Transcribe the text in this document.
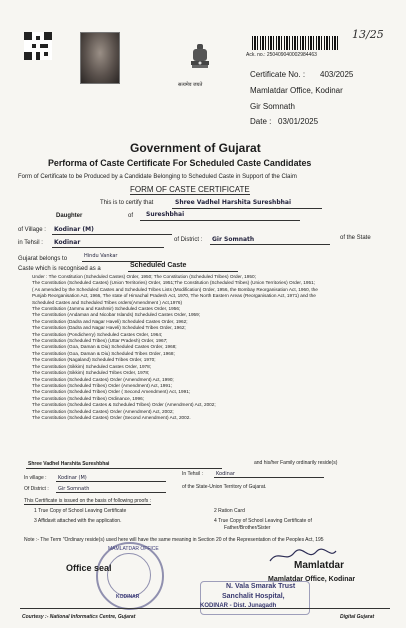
सत्यमेव जयते
Ack. no.: 250409040002984463
13/25
Certificate No. : 403/2025
Mamlatdar Office, Kodinar
Gir Somnath
Date : 03/01/2025
Government of Gujarat
Performa of Caste Certificate For Scheduled Caste Candidates
Form of Certificate to be Produced by a Candidate Belonging to Scheduled Caste in Support of the Claim
FORM OF CASTE CERTIFICATE
This is to certify that	Shree Vadhel Harshita Sureshbhai
Daughter	of Sureshbhai
of Village : Kodinar (M)
of District : Gir Somnath	of the State
in Tehsil : Kodinar
Gujarat belongs to	Hindu Vankar
Caste which is recognised as a	Scheduled Caste
Under : The Constitution (Scheduled Castes) Order, 1950; The Constitution (Scheduled Tribes) Order, 1950;
The Constitution (Scheduled Castes) (Union Territories) Order, 1951;The Constitution (Scheduled Tribes) (Union Territories) Order, 1951;
( As amended by the Scheduled Castes and Scheduled Tribes Lists (Modification) Order, 1956, the Bombay Reorganisation Act, 1960, the
Punjab Reorganisation Act, 1966, The state of Himachal Pradesh Act, 1970, The North Eastern Areas (Reorganisation Act, 1971) and the
Scheduled Castes and Scheduled Tribes orders(Amendment ) Act,1976)
The Constitution (Jammu and Kashmir) Scheduled Castes Order, 1956;
The Constitution (Andaman and Nicobar Islands) Scheduled Castes Order, 1959;
The Constitution (Dadra and Nagar Haveli) Scheduled Castes Order, 1962;
The Constitution (Dadra and Nagar Haveli) Scheduled Tribes Order, 1962;
The Constitution (Pondicherry) Scheduled Castes Order, 1964;
The Constitution (Scheduled Tribes) (Uttar Pradesh) Order, 1967;
The Constitution (Goa, Daman & Diu) Scheduled Castes Order, 1968;
The Constitution (Goa, Daman & Diu) Scheduled Tribes Order, 1968;
The Constitution (Nagaland) Scheduled Tribes Order, 1970;
The Constitution (Sikkim) Scheduled Castes Order, 1978;
The Constitution (Sikkim) Scheduled Tribes Order, 1978;
The Constitution (Scheduled Castes) Order (Amendment) Act, 1990;
The Constitution (Scheduled Tribes) Order (Amendment) Act, 1991;
The Constitution (Scheduled Tribes) Order ( Second Amendment) Act, 1991;
The Constitution (Scheduled Tribes) Ordinance, 1996;
The Constitution (Scheduled Castes & Scheduled Tribes) Order (Amendment) Act, 2002;
The Constitution (Scheduled Castes) Order (Amendment) Act, 2002;
The Constitution (Scheduled Castes) Order (Second Amendment) Act, 2002.
Shree Vadhel Harshita Sureshbhai	and his/her Family ordinarily reside(s)
In village : Kodinar (M)
In Tehsil :	Kodinar
Of District : Gir Somnath	of the State-Union Territory of Gujarat.
This Certificate is issued on the basis of following proofs :
1 True Copy of School Leaving Certificate	2 Ration Card
3 Affidavit attached with the application.	4 True Copy of School Leaving Certificate of
Father/Brother/Sister
Note :- The Term "Ordinary reside(s) used here will have the same meaning in Section 20 of the Representation of the Peoples Act, 195
MAMLATDAR OFFICE
KODINAR
Office seal	Mamlatdar
Mamlatdar Office, Kodinar
N. Vala Smarak Trust
Sanchalit Hospital,
KODINAR - Dist. Junagadh
Courtesy :- National Informatics Centre, Gujarat	Digital Gujarat
